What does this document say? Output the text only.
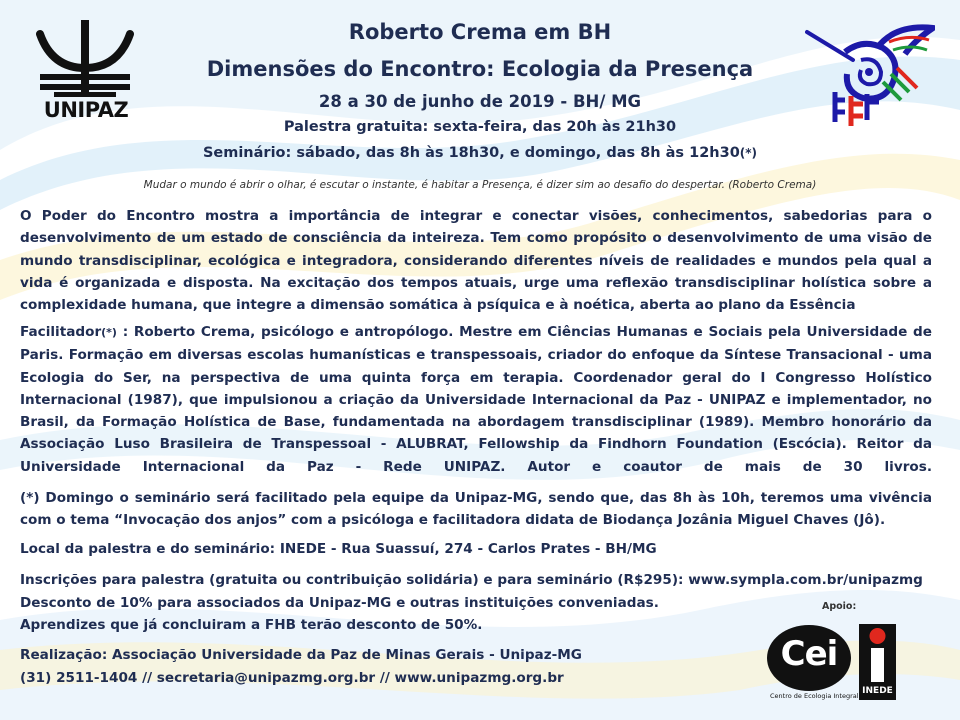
UNIPAZ
Roberto Crema em BH
Dimensões do Encontro: Ecologia da Presença
28 a 30 de junho de 2019 - BH/ MG
Palestra gratuita: sexta-feira, das 20h às 21h30
Seminário: sábado, das 8h às 18h30, e domingo, das 8h às 12h30(*)
Mudar o mundo é abrir o olhar, é escutar o instante, é habitar a Presença, é dizer sim ao desafio do despertar. (Roberto Crema)
O Poder do Encontro mostra a importância de integrar e conectar visões, conhecimentos, sabedorias para o desenvolvimento de um estado de consciência da inteireza. Tem como propósito o desenvolvimento de uma visão de mundo transdisciplinar, ecológica e integradora, considerando diferentes níveis de realidades e mundos pela qual a vida é organizada e disposta. Na excitação dos tempos atuais, urge uma reflexão transdisciplinar holística sobre a complexidade humana, que integre a dimensão somática à psíquica e à noética, aberta ao plano da Essência
Facilitador(*) : Roberto Crema, psicólogo e antropólogo. Mestre em Ciências Humanas e Sociais pela Universidade de Paris. Formação em diversas escolas humanísticas e transpessoais, criador do enfoque da Síntese Transacional - uma Ecologia do Ser, na perspectiva de uma quinta força em terapia. Coordenador geral do I Congresso Holístico Internacional (1987), que impulsionou a criação da Universidade Internacional da Paz - UNIPAZ e implementador, no Brasil, da Formação Holística de Base, fundamentada na abordagem transdisciplinar (1989). Membro honorário da Associação Luso Brasileira de Transpessoal - ALUBRAT, Fellowship da Findhorn Foundation (Escócia). Reitor da Universidade Internacional da Paz - Rede UNIPAZ. Autor e coautor de mais de 30 livros.
(*) Domingo o seminário será facilitado pela equipe da Unipaz-MG, sendo que, das 8h às 10h, teremos uma vivência com o tema “Invocação dos anjos” com a psicóloga e facilitadora didata de Biodança Jozânia Miguel Chaves (Jô).
Local da palestra e do seminário: INEDE - Rua Suassuí, 274 - Carlos Prates - BH/MG
Inscrições para palestra (gratuita ou contribuição solidária) e para seminário (R$295): www.sympla.com.br/unipazmg
Desconto de 10% para associados da Unipaz-MG e outras instituições conveniadas.
Aprendizes que já concluiram a FHB terão desconto de 50%.
Realização: Associação Universidade da Paz de Minas Gerais - Unipaz-MG
(31) 2511-1404 // secretaria@unipazmg.org.br // www.unipazmg.org.br
Apoio:
Cei
Centro de Ecologia Integral INEDE
